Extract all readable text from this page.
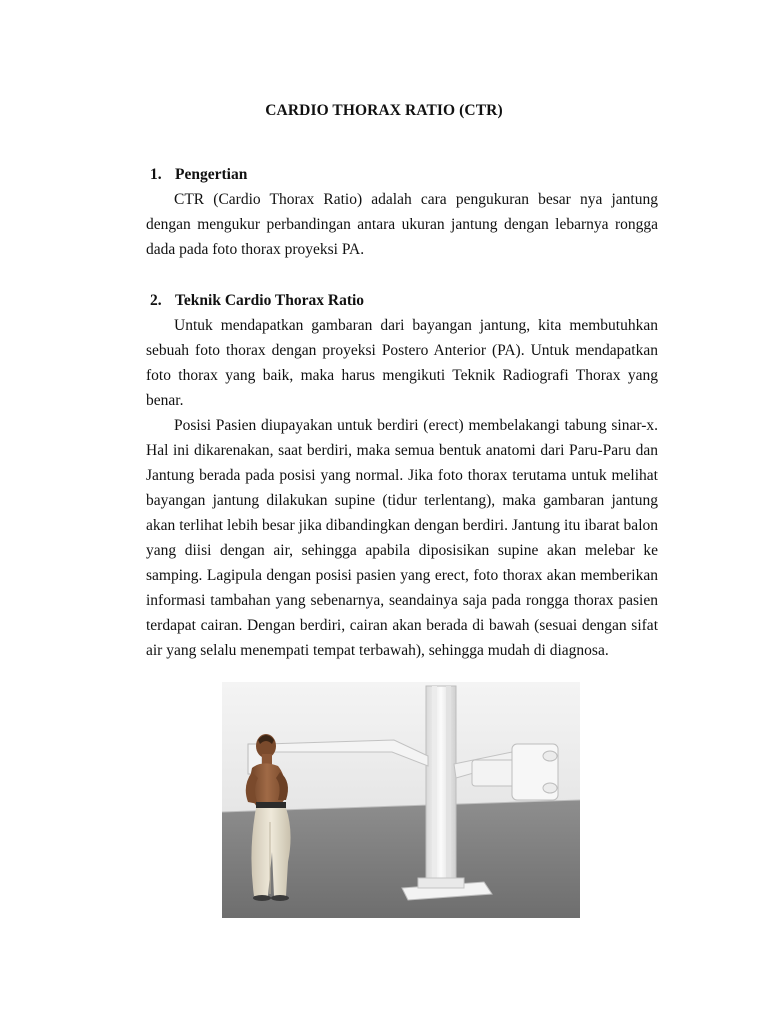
CARDIO THORAX RATIO (CTR)
1. Pengertian

CTR (Cardio Thorax Ratio) adalah cara pengukuran besar nya jantung dengan mengukur perbandingan antara ukuran jantung dengan lebarnya rongga dada pada foto thorax proyeksi PA.

2. Teknik Cardio Thorax Ratio

Untuk mendapatkan gambaran dari bayangan jantung, kita membutuhkan sebuah foto thorax dengan proyeksi Postero Anterior (PA). Untuk mendapatkan foto thorax yang baik, maka harus mengikuti Teknik Radiografi Thorax yang benar.

Posisi Pasien diupayakan untuk berdiri (erect) membelakangi tabung sinar-x. Hal ini dikarenakan, saat berdiri, maka semua bentuk anatomi dari Paru-Paru dan Jantung berada pada posisi yang normal. Jika foto thorax terutama untuk melihat bayangan jantung dilakukan supine (tidur terlentang), maka gambaran jantung akan terlihat lebih besar jika dibandingkan dengan berdiri. Jantung itu ibarat balon yang diisi dengan air, sehingga apabila diposisikan supine akan melebar ke samping. Lagipula dengan posisi pasien yang erect, foto thorax akan memberikan informasi tambahan yang sebenarnya, seandainya saja pada rongga thorax pasien terdapat cairan. Dengan berdiri, cairan akan berada di bawah (sesuai dengan sifat air yang selalu menempati tempat terbawah), sehingga mudah di diagnosa.
